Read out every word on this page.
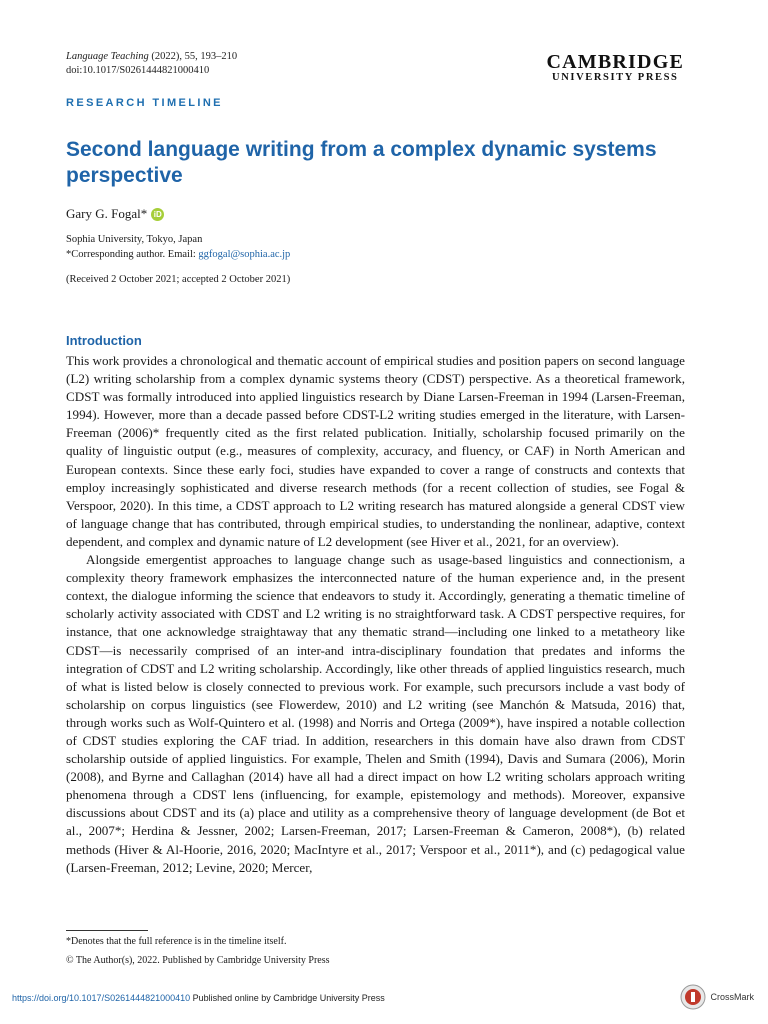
Language Teaching (2022), 55, 193–210
doi:10.1017/S0261444821000410	CAMBRIDGE
UNIVERSITY PRESS
RESEARCH TIMELINE
Second language writing from a complex dynamic systems perspective
Gary G. Fogal* iD
Sophia University, Tokyo, Japan
*Corresponding author. Email: ggfogal@sophia.ac.jp
(Received 2 October 2021; accepted 2 October 2021)
Introduction

This work provides a chronological and thematic account of empirical studies and position papers on second language (L2) writing scholarship from a complex dynamic systems theory (CDST) perspective. As a theoretical framework, CDST was formally introduced into applied linguistics research by Diane Larsen-Freeman in 1994 (Larsen-Freeman, 1994). However, more than a decade passed before CDST-L2 writing studies emerged in the literature, with Larsen-Freeman (2006)* frequently cited as the first related publication. Initially, scholarship focused primarily on the quality of linguistic output (e.g., measures of complexity, accuracy, and fluency, or CAF) in North American and European contexts. Since these early foci, studies have expanded to cover a range of constructs and contexts that employ increasingly sophisticated and diverse research methods (for a recent collection of studies, see Fogal & Verspoor, 2020). In this time, a CDST approach to L2 writing research has matured alongside a general CDST view of language change that has contributed, through empirical studies, to understanding the nonlinear, adaptive, context dependent, and complex and dynamic nature of L2 development (see Hiver et al., 2021, for an overview).

Alongside emergentist approaches to language change such as usage-based linguistics and connectionism, a complexity theory framework emphasizes the interconnected nature of the human experience and, in the present context, the dialogue informing the science that endeavors to study it. Accordingly, generating a thematic timeline of scholarly activity associated with CDST and L2 writing is no straightforward task. A CDST perspective requires, for instance, that one acknowledge straightaway that any thematic strand—including one linked to a metatheory like CDST—is necessarily comprised of an inter-and intra-disciplinary foundation that predates and informs the integration of CDST and L2 writing scholarship. Accordingly, like other threads of applied linguistics research, much of what is listed below is closely connected to previous work. For example, such precursors include a vast body of scholarship on corpus linguistics (see Flowerdew, 2010) and L2 writing (see Manchón & Matsuda, 2016) that, through works such as Wolf-Quintero et al. (1998) and Norris and Ortega (2009*), have inspired a notable collection of CDST studies exploring the CAF triad. In addition, researchers in this domain have also drawn from CDST scholarship outside of applied linguistics. For example, Thelen and Smith (1994), Davis and Sumara (2006), Morin (2008), and Byrne and Callaghan (2014) have all had a direct impact on how L2 writing scholars approach writing phenomena through a CDST lens (influencing, for example, epistemology and methods). Moreover, expansive discussions about CDST and its (a) place and utility as a comprehensive theory of language development (de Bot et al., 2007*; Herdina & Jessner, 2002; Larsen-Freeman, 2017; Larsen-Freeman & Cameron, 2008*), (b) related methods (Hiver & Al-Hoorie, 2016, 2020; MacIntyre et al., 2017; Verspoor et al., 2011*), and (c) pedagogical value (Larsen-Freeman, 2012; Levine, 2020; Mercer,

*Denotes that the full reference is in the timeline itself.
© The Author(s), 2022. Published by Cambridge University Press
https://doi.org/10.1017/S0261444821000410 Published online by Cambridge University Press	CrossMark
